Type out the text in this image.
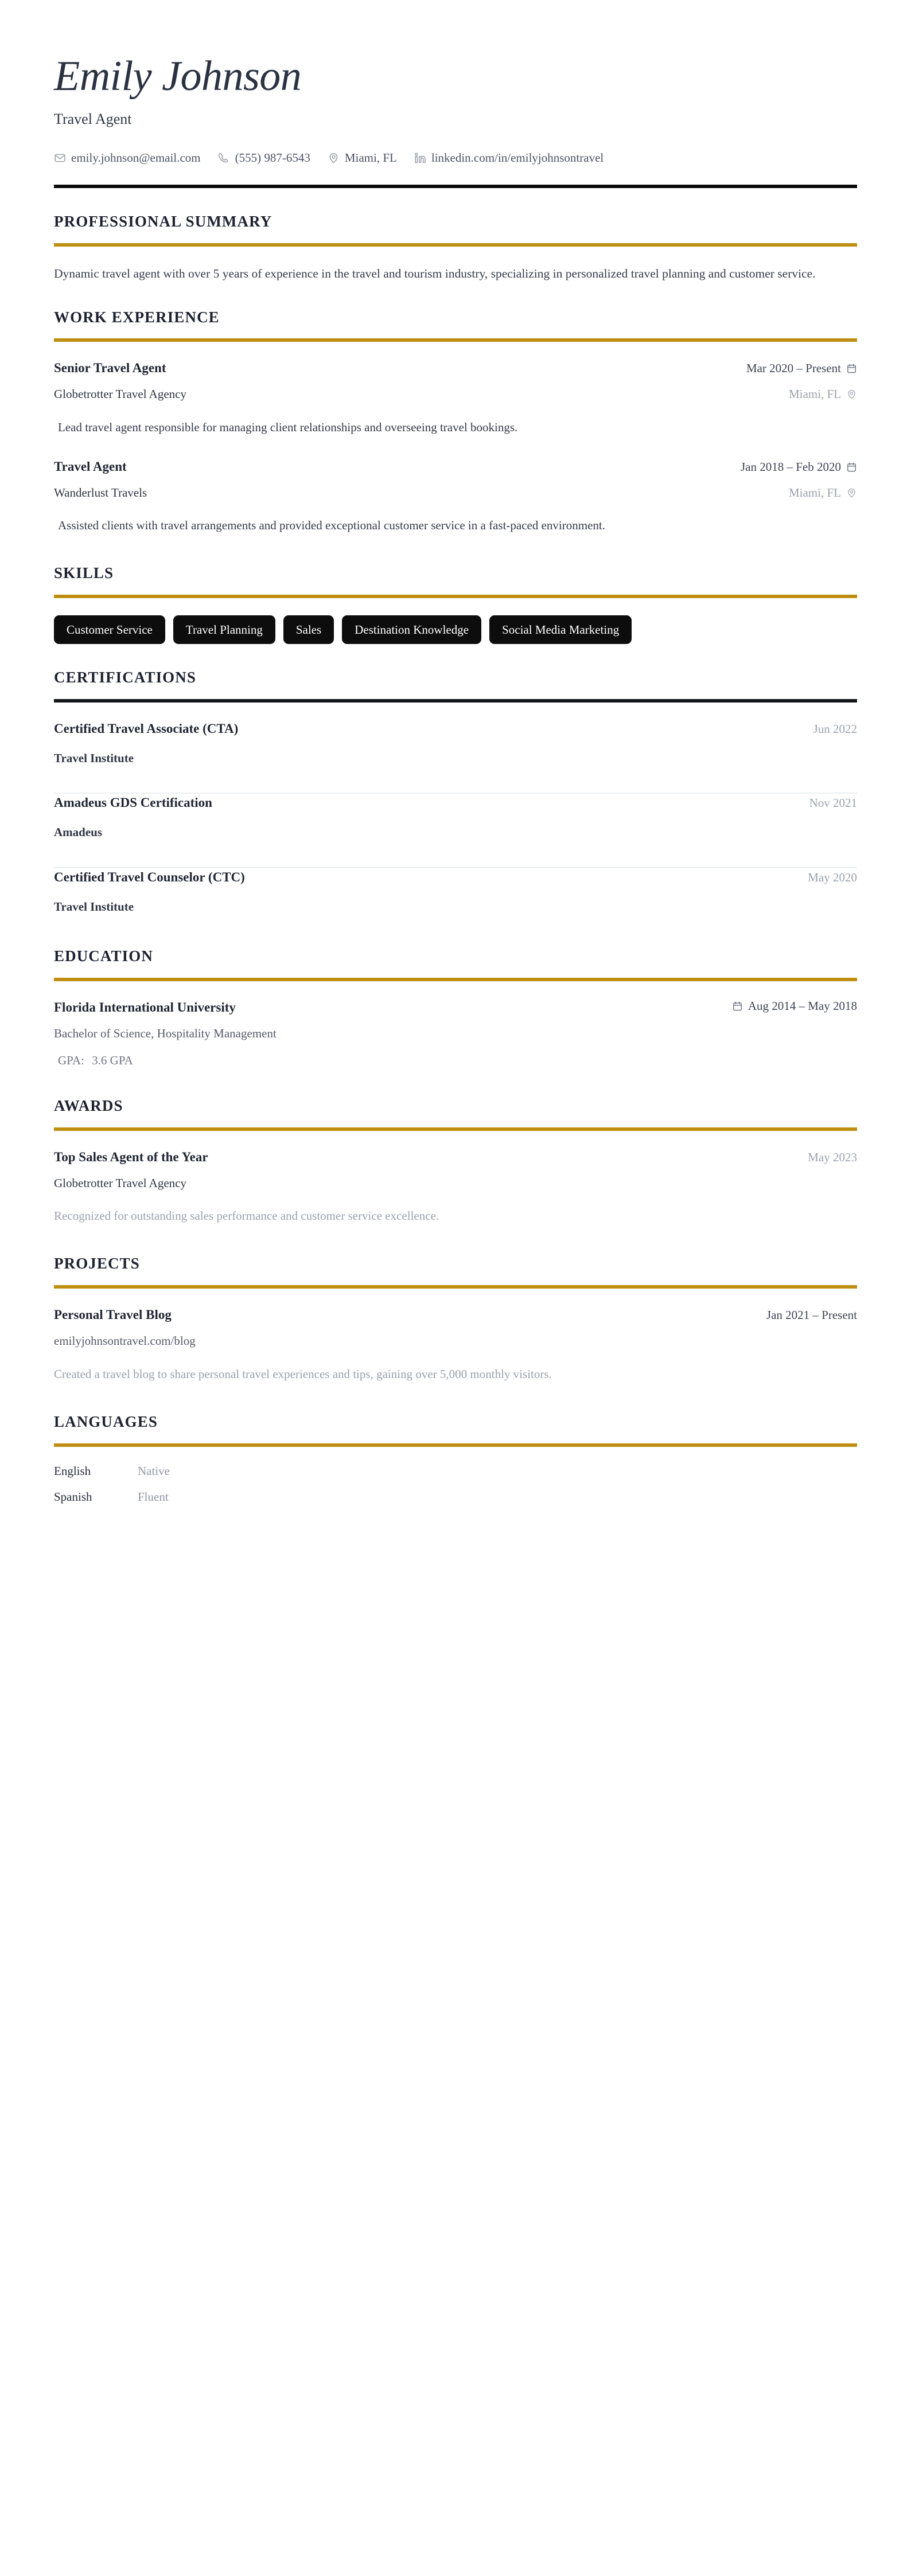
Emily Johnson
Travel Agent
emily.johnson@email.com	(555) 987-6543	Miami, FL	linkedin.com/in/emilyjohnsontravel
PROFESSIONAL SUMMARY
Dynamic travel agent with over 5 years of experience in the travel and tourism industry, specializing in personalized travel planning and customer service.
WORK EXPERIENCE
Senior Travel Agent	Mar 2020 – Present
Globetrotter Travel Agency	Miami, FL
Lead travel agent responsible for managing client relationships and overseeing travel bookings.
Travel Agent	Jan 2018 – Feb 2020
Wanderlust Travels	Miami, FL
Assisted clients with travel arrangements and provided exceptional customer service in a fast-paced environment.
SKILLS
Customer Service	Travel Planning	Sales	Destination Knowledge	Social Media Marketing
CERTIFICATIONS
Certified Travel Associate (CTA)	Jun 2022
Travel Institute
Amadeus GDS Certification	Nov 2021
Amadeus
Certified Travel Counselor (CTC)	May 2020
Travel Institute
EDUCATION
Florida International University	Aug 2014 – May 2018
Bachelor of Science, Hospitality Management
GPA: 3.6 GPA
AWARDS
Top Sales Agent of the Year	May 2023
Globetrotter Travel Agency
Recognized for outstanding sales performance and customer service excellence.
PROJECTS
Personal Travel Blog	Jan 2021 – Present
emilyjohnsontravel.com/blog
Created a travel blog to share personal travel experiences and tips, gaining over 5,000 monthly visitors.
LANGUAGES
English	Native
Spanish	Fluent
